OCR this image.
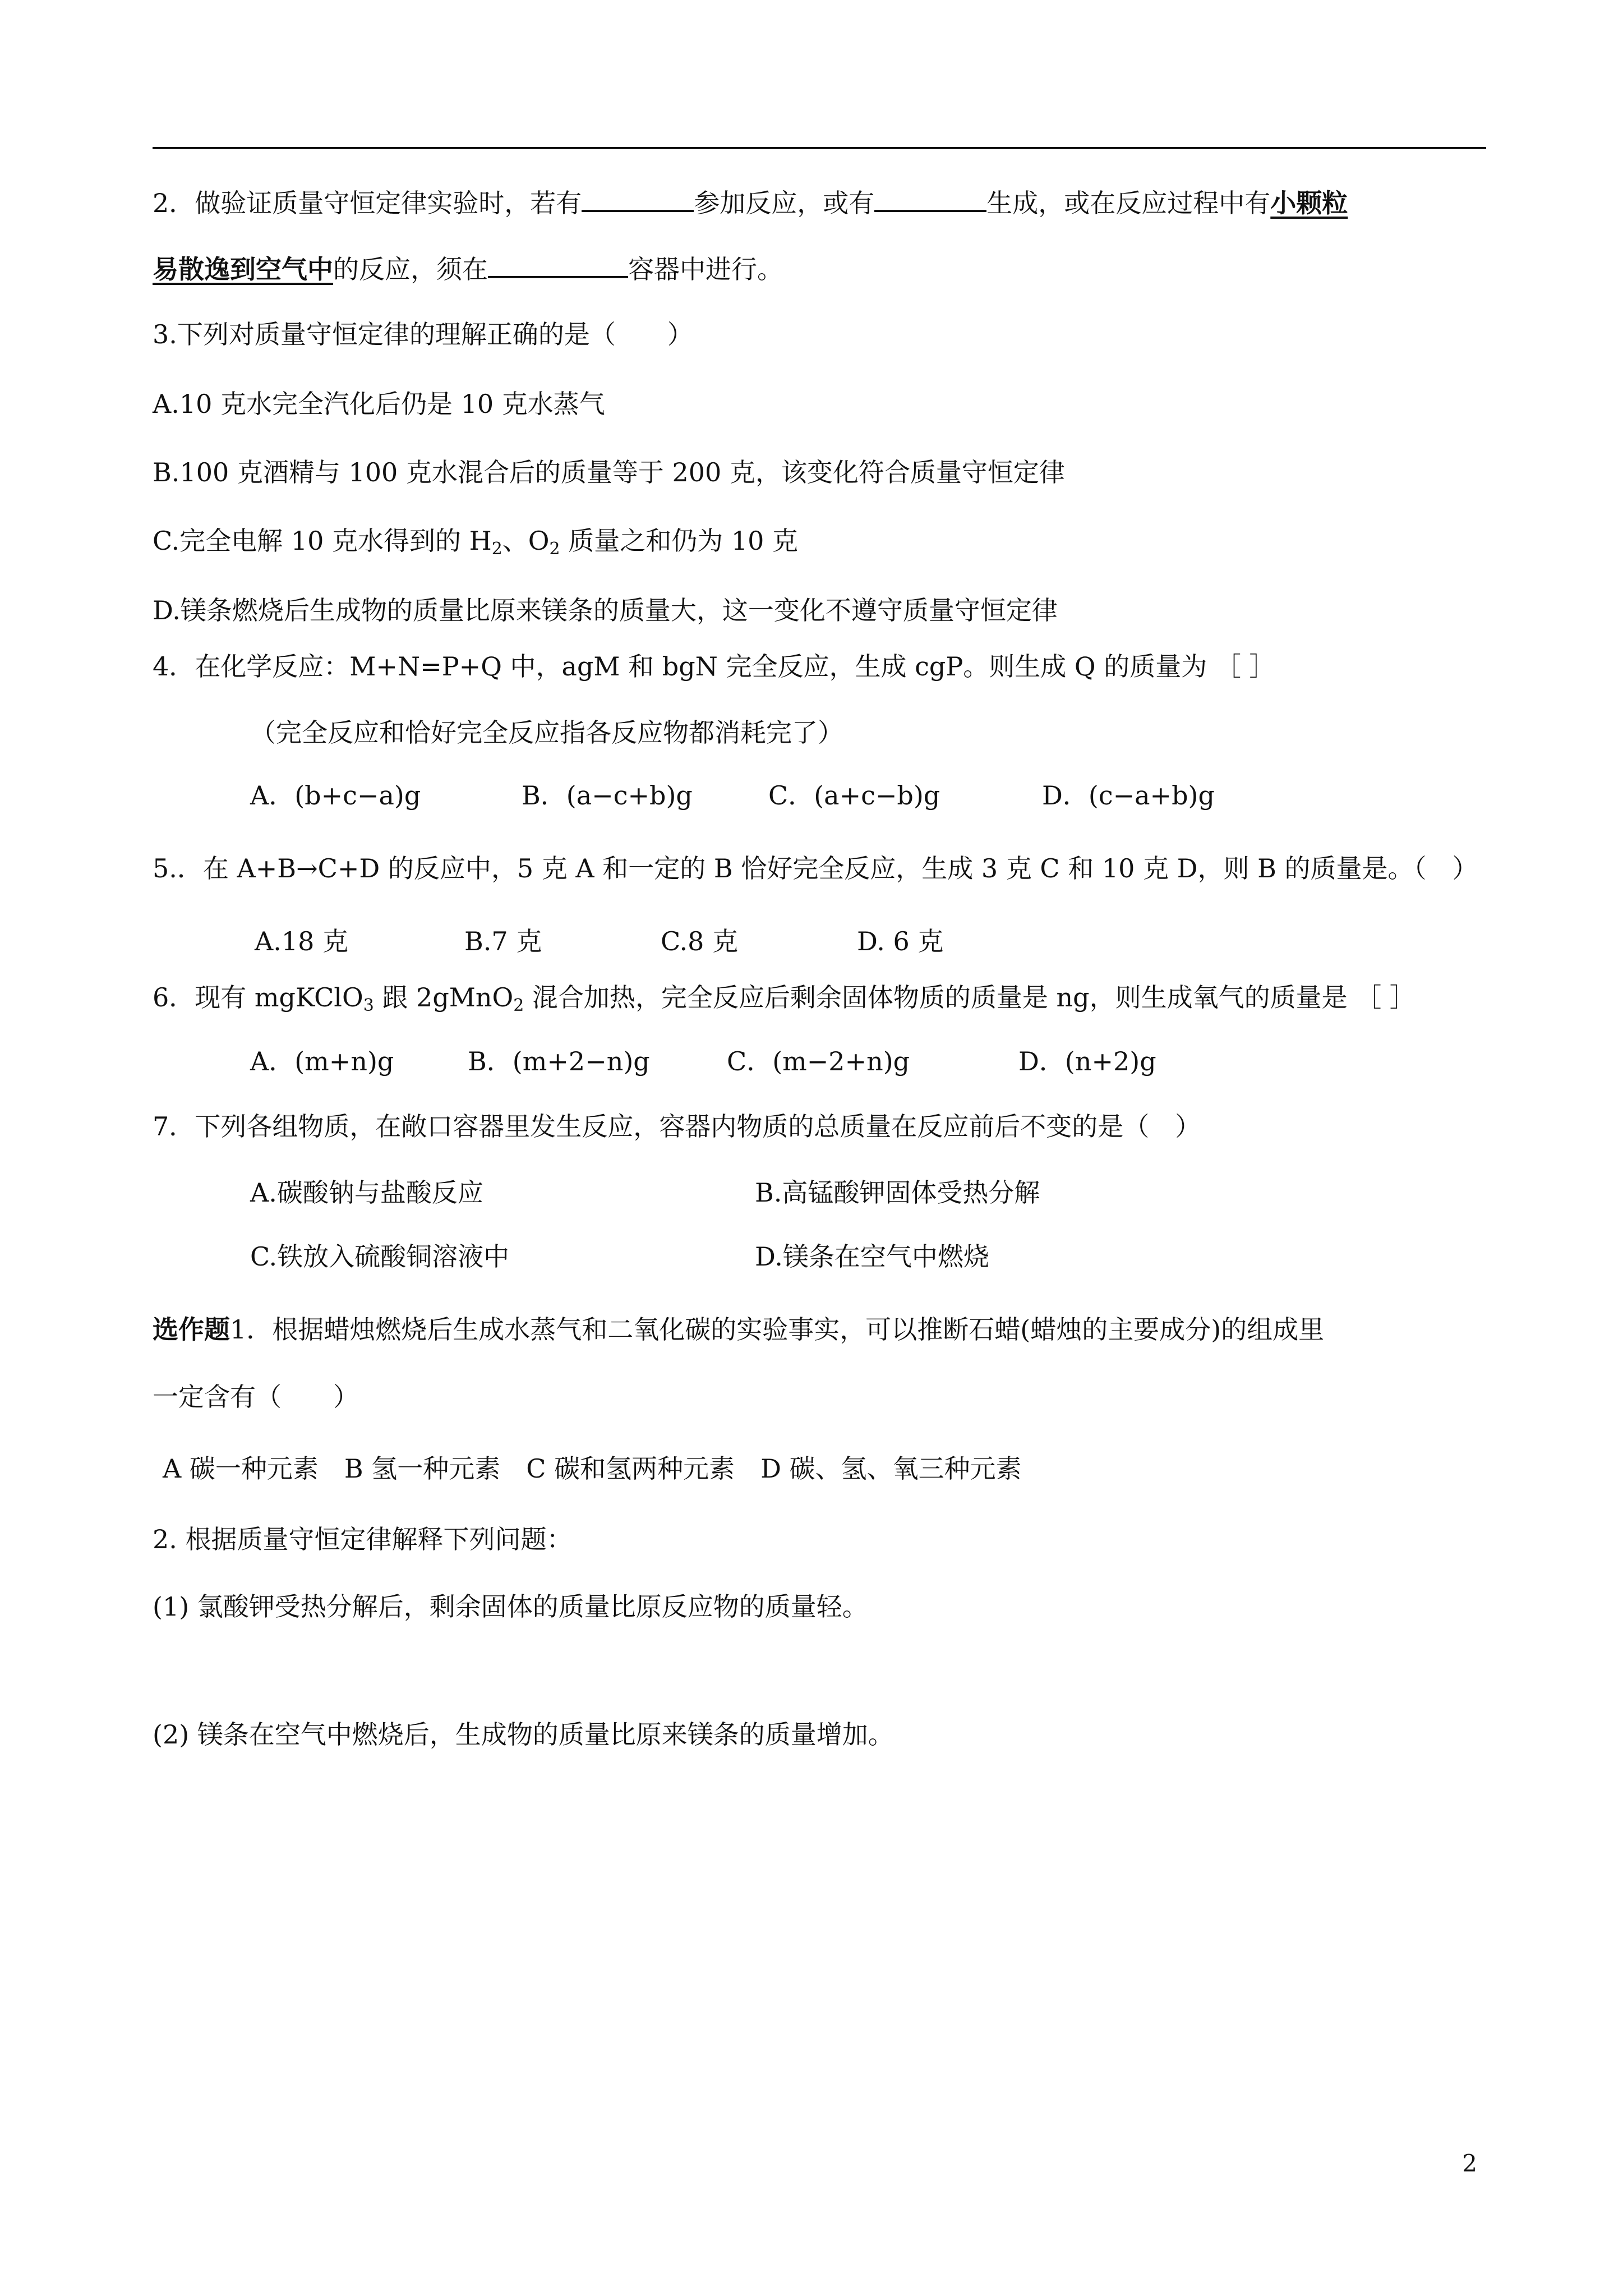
2．做验证质量守恒定律实验时，若有	参加反应，或有	生成，或在反应过程中有小颗粒
易散逸到空气中的反应，须在	容器中进行。
3.下列对质量守恒定律的理解正确的是（　　）
A.10 克水完全汽化后仍是 10 克水蒸气
B.100 克酒精与 100 克水混合后的质量等于 200 克，该变化符合质量守恒定律
C.完全电解 10 克水得到的 $H_2$、$O_2$ 质量之和仍为 10 克
D.镁条燃烧后生成物的质量比原来镁条的质量大，这一变化不遵守质量守恒定律
4．在化学反应：M+N=P+Q 中，agM 和 bgN 完全反应，生成 cgP。则生成 Q 的质量为 ［ ］
（完全反应和恰好完全反应指各反应物都消耗完了）
A．(b+c−a)g	B．(a−c+b)g	C．(a+c−b)g	D．(c−a+b)g
5.．在 A+B→C+D 的反应中，5 克 A 和一定的 B 恰好完全反应，生成 3 克 C 和 10 克 D，则 B 的质量是。（　）
A.18 克	B.7 克	C.8 克	D. 6 克
6．现有 mgKClO$_3$ 跟 2gMnO$_2$ 混合加热，完全反应后剩余固体物质的质量是 ng，则生成氧气的质量是 ［ ］
A．(m+n)g	B．(m+2−n)g	C．(m−2+n)g	D．(n+2)g
7．下列各组物质，在敞口容器里发生反应，容器内物质的总质量在反应前后不变的是（　）
A.碳酸钠与盐酸反应	B.高锰酸钾固体受热分解
C.铁放入硫酸铜溶液中	D.镁条在空气中燃烧
选作题1．根据蜡烛燃烧后生成水蒸气和二氧化碳的实验事实，可以推断石蜡(蜡烛的主要成分)的组成里
一定含有（　　）
A 碳一种元素　B 氢一种元素　C 碳和氢两种元素　D 碳、氢、氧三种元素
2. 根据质量守恒定律解释下列问题：
(1) 氯酸钾受热分解后，剩余固体的质量比原反应物的质量轻。
(2) 镁条在空气中燃烧后，生成物的质量比原来镁条的质量增加。
2
